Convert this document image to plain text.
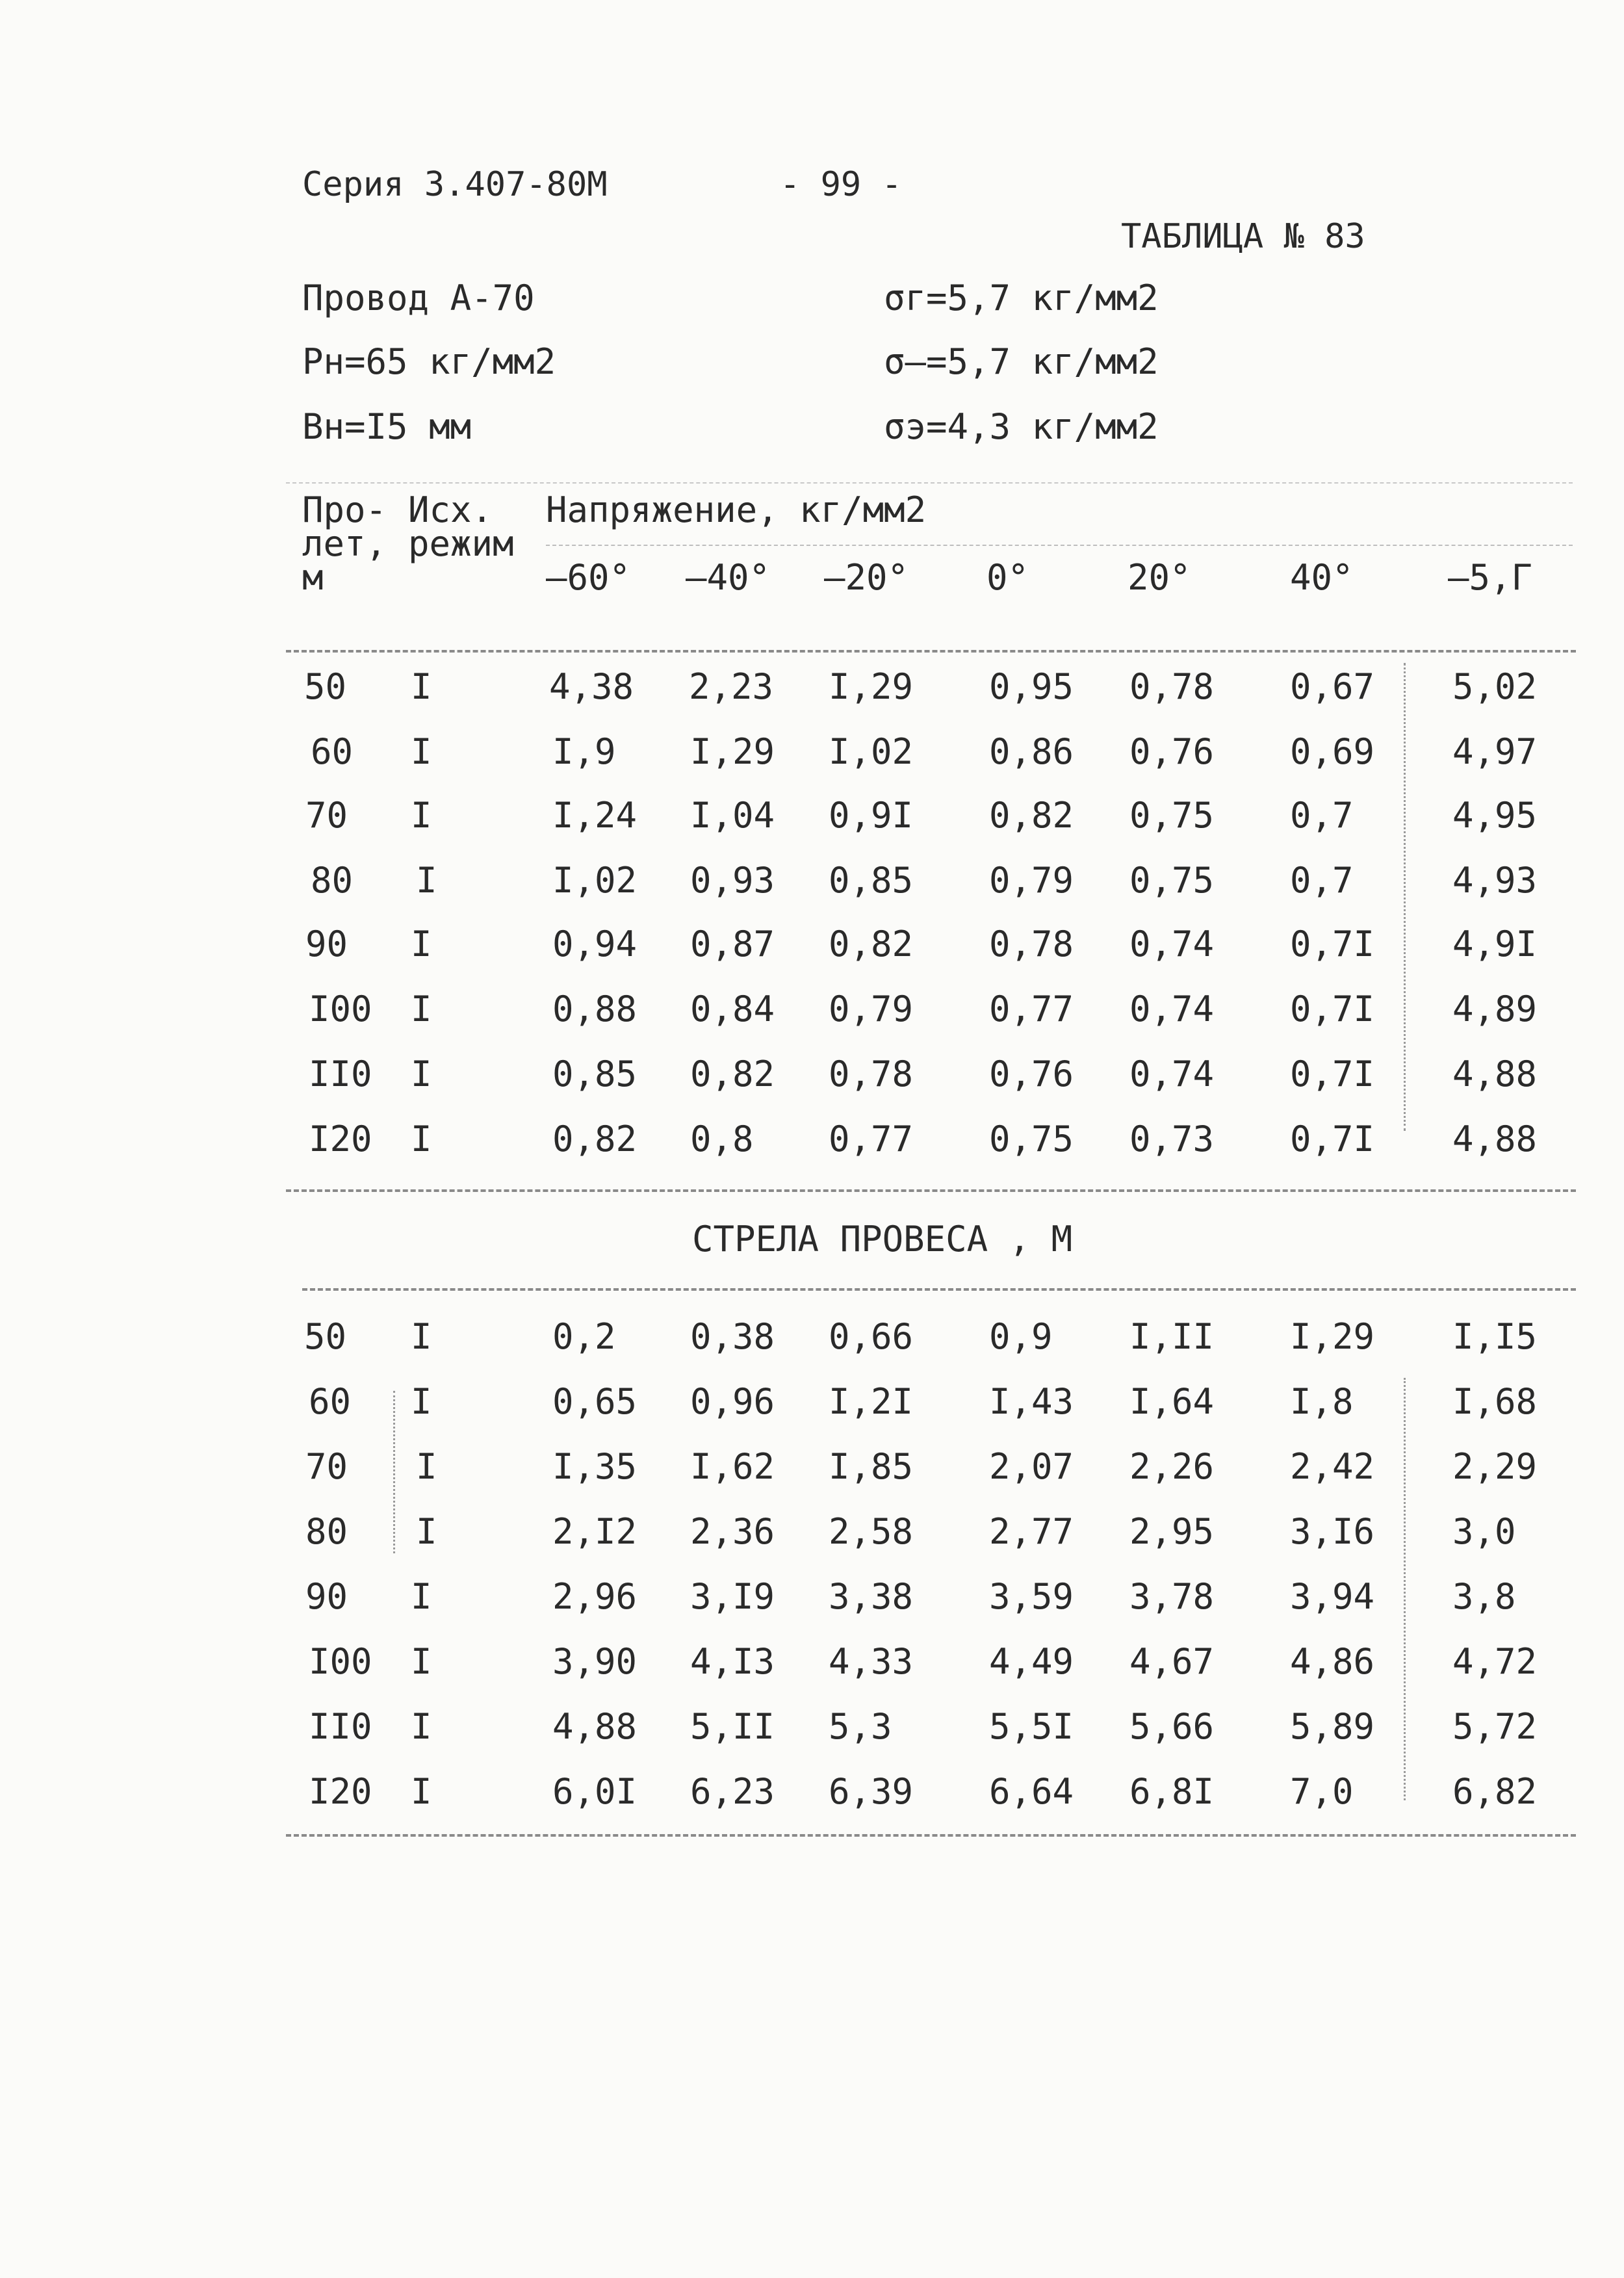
Серия 3.407-80М	- 99 -
ТАБЛИЦА № 83
Провод А-70
Рн=65 кг/мм2
Вн=I5 мм
σг=5,7 кг/мм2
σ–=5,7 кг/мм2
σэ=4,3 кг/мм2
Про-
лет,
м
Исх.
режим
Напряжение, кг/мм2
–60° –40° –20° 0°	20°	40°	–5,Г
50 I	4,38 2,23 I,29 0,95 0,78 0,67 5,02
60 I	I,9 I,29 I,02 0,86 0,76 0,69 4,97
70 I	I,24 I,04 0,9I 0,82 0,75 0,7	4,95
80 I	I,02 0,93 0,85 0,79 0,75 0,7	4,93
90 I	0,94 0,87 0,82 0,78 0,74 0,7I 4,9I
I00 I	0,88 0,84 0,79 0,77 0,74 0,7I 4,89
II0 I	0,85 0,82 0,78 0,76 0,74 0,7I 4,88
I20 I	0,82 0,8 0,77 0,75 0,73 0,7I 4,88
СТРЕЛА ПРОВЕСА , М
50 I	0,2 0,38 0,66 0,9 I,II I,29 I,I5
60 I	0,65 0,96 I,2I I,43 I,64 I,8	I,68
70 I	I,35 I,62 I,85 2,07 2,26 2,42 2,29
80 I	2,I2 2,36 2,58 2,77 2,95 3,I6 3,0
90 I	2,96 3,I9 3,38 3,59 3,78 3,94 3,8
I00 I	3,90 4,I3 4,33 4,49 4,67 4,86 4,72
II0 I	4,88 5,II 5,3	5,5I 5,66 5,89 5,72
I20 I	6,0I 6,23 6,39 6,64 6,8I 7,0	6,82
